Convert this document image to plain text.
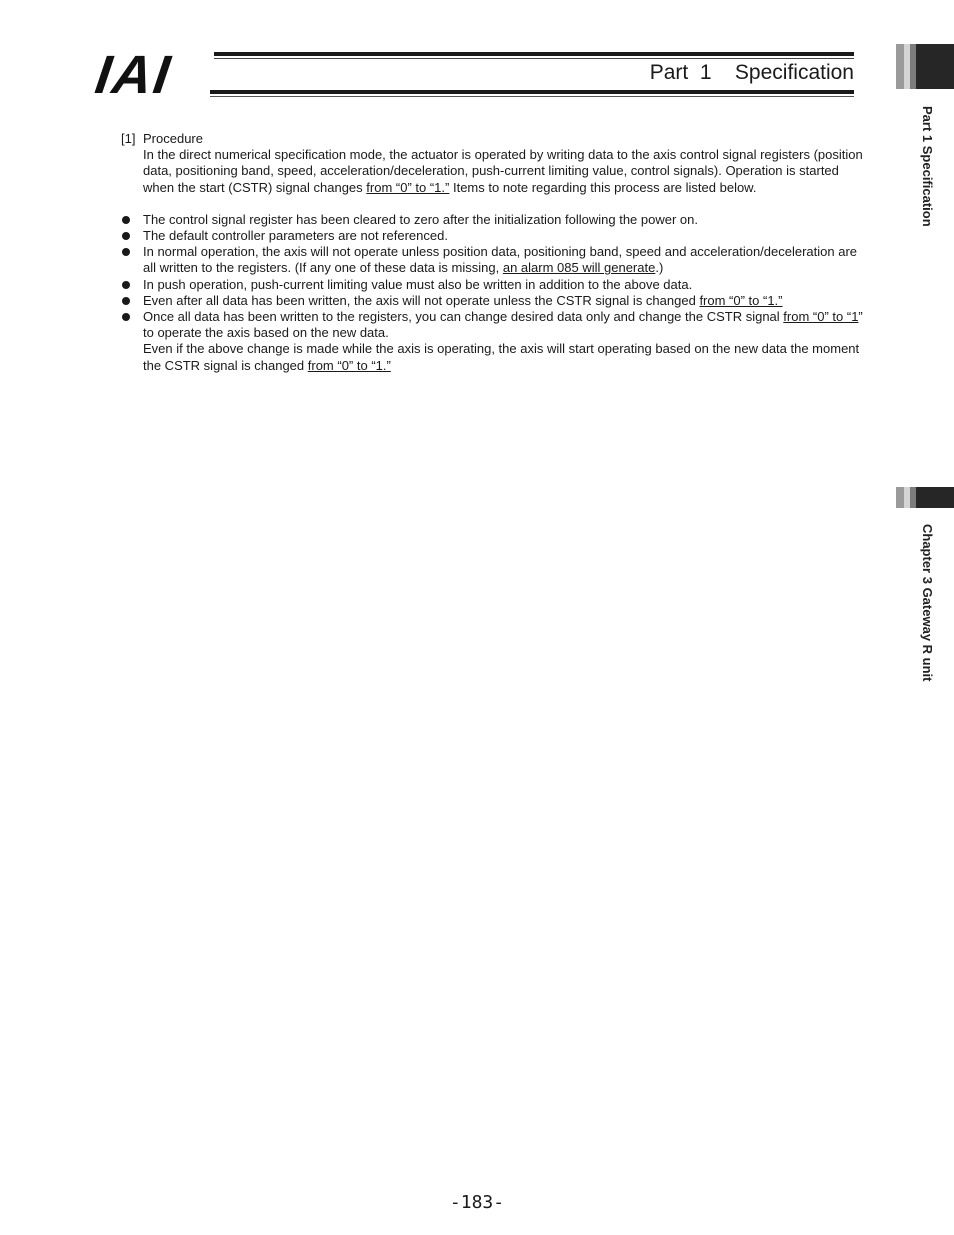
IAI	Part  1    Specification
Part 1 Specification
Chapter 3 Gateway R unit
[1] Procedure
In the direct numerical specification mode, the actuator is operated by writing data to the axis control signal registers (position data, positioning band, speed, acceleration/deceleration, push-current limiting value, control signals). Operation is started when the start (CSTR) signal changes from “0” to “1.” Items to note regarding this process are listed below.
The control signal register has been cleared to zero after the initialization following the power on.
The default controller parameters are not referenced.
In normal operation, the axis will not operate unless position data, positioning band, speed and acceleration/deceleration are all written to the registers. (If any one of these data is missing, an alarm 085 will generate.)
In push operation, push-current limiting value must also be written in addition to the above data.
Even after all data has been written, the axis will not operate unless the CSTR signal is changed from “0” to “1.”
Once all data has been written to the registers, you can change desired data only and change the CSTR signal from “0” to “1” to operate the axis based on the new data.
Even if the above change is made while the axis is operating, the axis will start operating based on the new data the moment the CSTR signal is changed from “0” to “1.”
-183-
